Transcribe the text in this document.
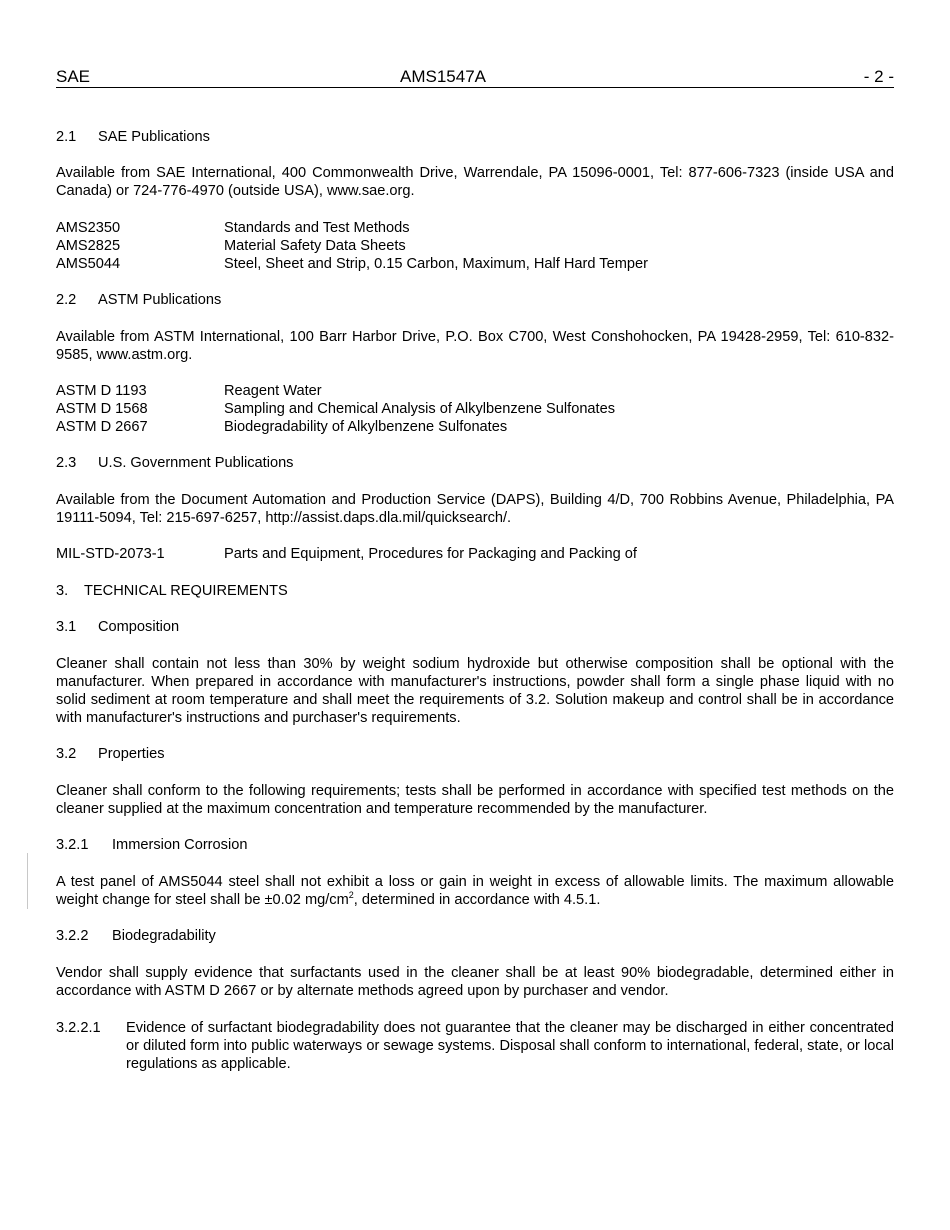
SAE	AMS1547A	- 2 -
2.1 SAE Publications
Available from SAE International, 400 Commonwealth Drive, Warrendale, PA 15096-0001, Tel: 877-606-7323 (inside USA and Canada) or 724-776-4970 (outside USA), www.sae.org.
AMS2350	Standards and Test Methods
AMS2825	Material Safety Data Sheets
AMS5044	Steel, Sheet and Strip, 0.15 Carbon, Maximum, Half Hard Temper
2.2 ASTM Publications
Available from ASTM International, 100 Barr Harbor Drive, P.O. Box C700, West Conshohocken, PA 19428-2959, Tel: 610-832-9585, www.astm.org.
ASTM D 1193	Reagent Water
ASTM D 1568	Sampling and Chemical Analysis of Alkylbenzene Sulfonates
ASTM D 2667	Biodegradability of Alkylbenzene Sulfonates
2.3 U.S. Government Publications
Available from the Document Automation and Production Service (DAPS), Building 4/D, 700 Robbins Avenue, Philadelphia, PA 19111-5094, Tel: 215-697-6257, http://assist.daps.dla.mil/quicksearch/.
MIL-STD-2073-1	Parts and Equipment, Procedures for Packaging and Packing of
3. TECHNICAL REQUIREMENTS
3.1 Composition
Cleaner shall contain not less than 30% by weight sodium hydroxide but otherwise composition shall be optional with the manufacturer. When prepared in accordance with manufacturer's instructions, powder shall form a single phase liquid with no solid sediment at room temperature and shall meet the requirements of 3.2. Solution makeup and control shall be in accordance with manufacturer's instructions and purchaser's requirements.
3.2 Properties
Cleaner shall conform to the following requirements; tests shall be performed in accordance with specified test methods on the cleaner supplied at the maximum concentration and temperature recommended by the manufacturer.
3.2.1 Immersion Corrosion
A test panel of AMS5044 steel shall not exhibit a loss or gain in weight in excess of allowable limits. The maximum allowable weight change for steel shall be ±0.02 $mg/cm^2$, determined in accordance with 4.5.1.
3.2.2 Biodegradability
Vendor shall supply evidence that surfactants used in the cleaner shall be at least 90% biodegradable, determined either in accordance with ASTM D 2667 or by alternate methods agreed upon by purchaser and vendor.
3.2.2.1 Evidence of surfactant biodegradability does not guarantee that the cleaner may be discharged in either concentrated or diluted form into public waterways or sewage systems. Disposal shall conform to international, federal, state, or local regulations as applicable.
